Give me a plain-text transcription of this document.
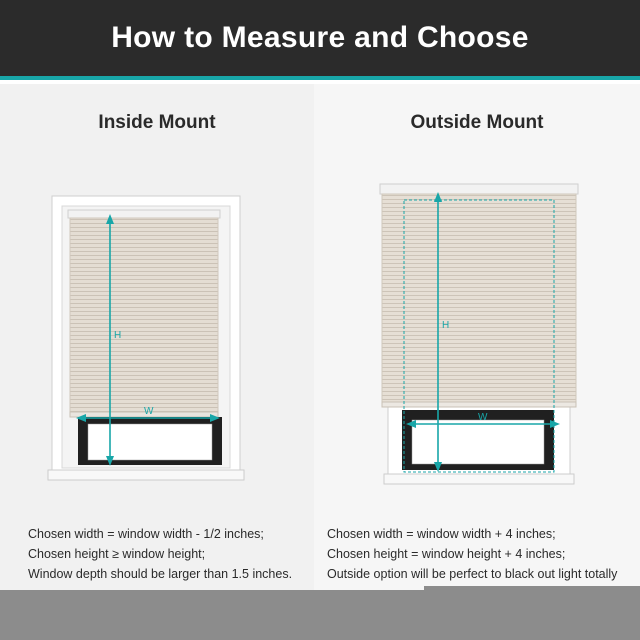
How to Measure and Choose
Inside Mount
H
W
Chosen width = window width - 1/2 inches;
Chosen height ≥ window height;
Window depth should be larger than 1.5 inches.
Outside Mount
H
W
Chosen width = window width + 4 inches;
Chosen height = window height + 4 inches;
Outside option will be perfect to black out light totally
